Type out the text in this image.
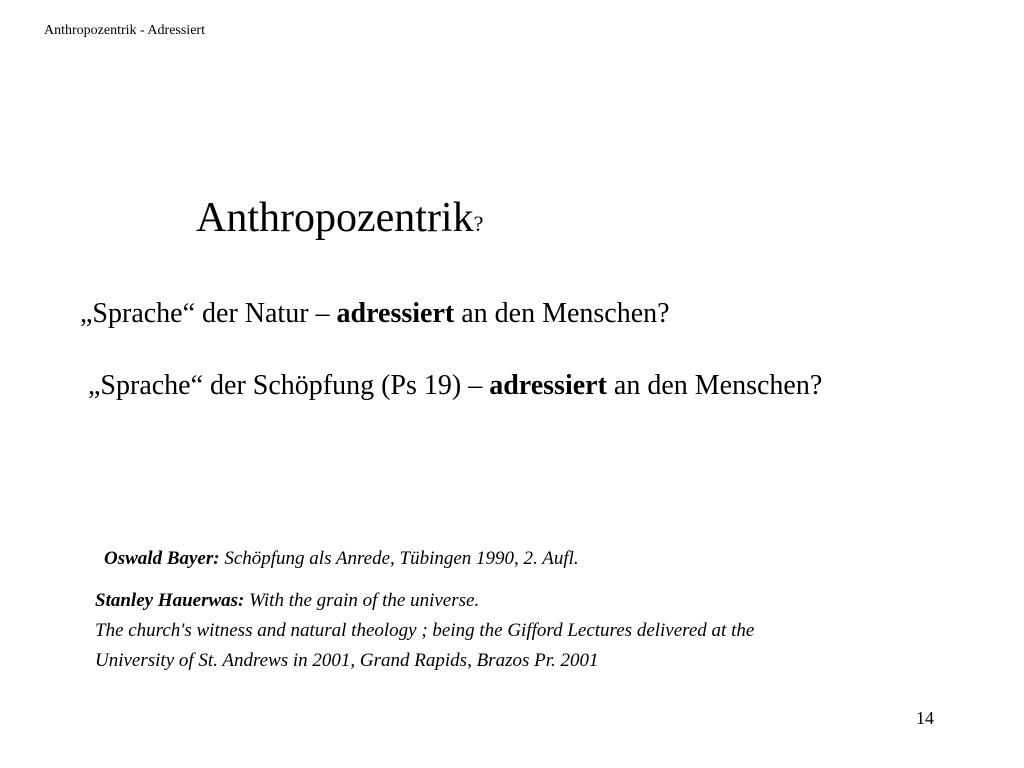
Anthropozentrik - Adressiert
Anthropozentrik?
„Sprache“ der Natur – adressiert an den Menschen?
„Sprache“ der Schöpfung (Ps 19) – adressiert an den Menschen?
Oswald Bayer: Schöpfung als Anrede, Tübingen 1990, 2. Aufl.
Stanley Hauerwas: With the grain of the universe.
The church's witness and natural theology ; being the Gifford Lectures delivered at the
University of St. Andrews in 2001, Grand Rapids, Brazos Pr. 2001
14
